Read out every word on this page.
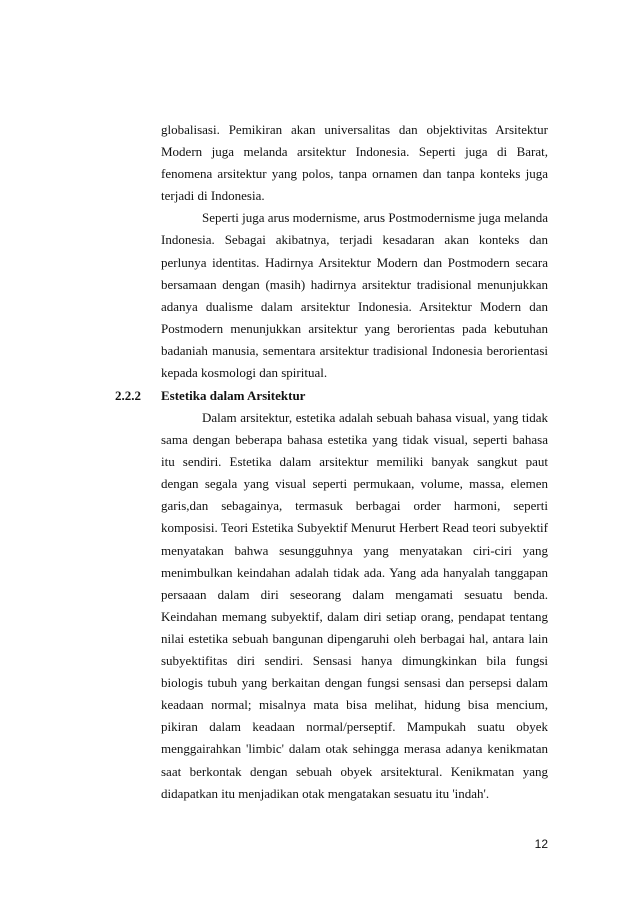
globalisasi. Pemikiran akan universalitas dan objektivitas Arsitektur Modern juga melanda arsitektur Indonesia. Seperti juga di Barat, fenomena arsitektur yang polos, tanpa ornamen dan tanpa konteks juga terjadi di Indonesia.

Seperti juga arus modernisme, arus Postmodernisme juga melanda Indonesia. Sebagai akibatnya, terjadi kesadaran akan konteks dan perlunya identitas. Hadirnya Arsitektur Modern dan Postmodern secara bersamaan dengan (masih) hadirnya arsitektur tradisional menunjukkan adanya dualisme dalam arsitektur Indonesia. Arsitektur Modern dan Postmodern menunjukkan arsitektur yang berorientas pada kebutuhan badaniah manusia, sementara arsitektur tradisional Indonesia berorientasi kepada kosmologi dan spiritual.

2.2.2 Estetika dalam Arsitektur

Dalam arsitektur, estetika adalah sebuah bahasa visual, yang tidak sama dengan beberapa bahasa estetika yang tidak visual, seperti bahasa itu sendiri. Estetika dalam arsitektur memiliki banyak sangkut paut dengan segala yang visual seperti permukaan, volume, massa, elemen garis,dan sebagainya, termasuk berbagai order harmoni, seperti komposisi. Teori Estetika Subyektif Menurut Herbert Read teori subyektif menyatakan bahwa sesungguhnya yang menyatakan ciri-ciri yang menimbulkan keindahan adalah tidak ada. Yang ada hanyalah tanggapan persaaan dalam diri seseorang dalam mengamati sesuatu benda. Keindahan memang subyektif, dalam diri setiap orang, pendapat tentang nilai estetika sebuah bangunan dipengaruhi oleh berbagai hal, antara lain subyektifitas diri sendiri. Sensasi hanya dimungkinkan bila fungsi biologis tubuh yang berkaitan dengan fungsi sensasi dan persepsi dalam keadaan normal; misalnya mata bisa melihat, hidung bisa mencium, pikiran dalam keadaan normal/perseptif. Mampukah suatu obyek menggairahkan 'limbic' dalam otak sehingga merasa adanya kenikmatan saat berkontak dengan sebuah obyek arsitektural. Kenikmatan yang didapatkan itu menjadikan otak mengatakan sesuatu itu 'indah'.

12
